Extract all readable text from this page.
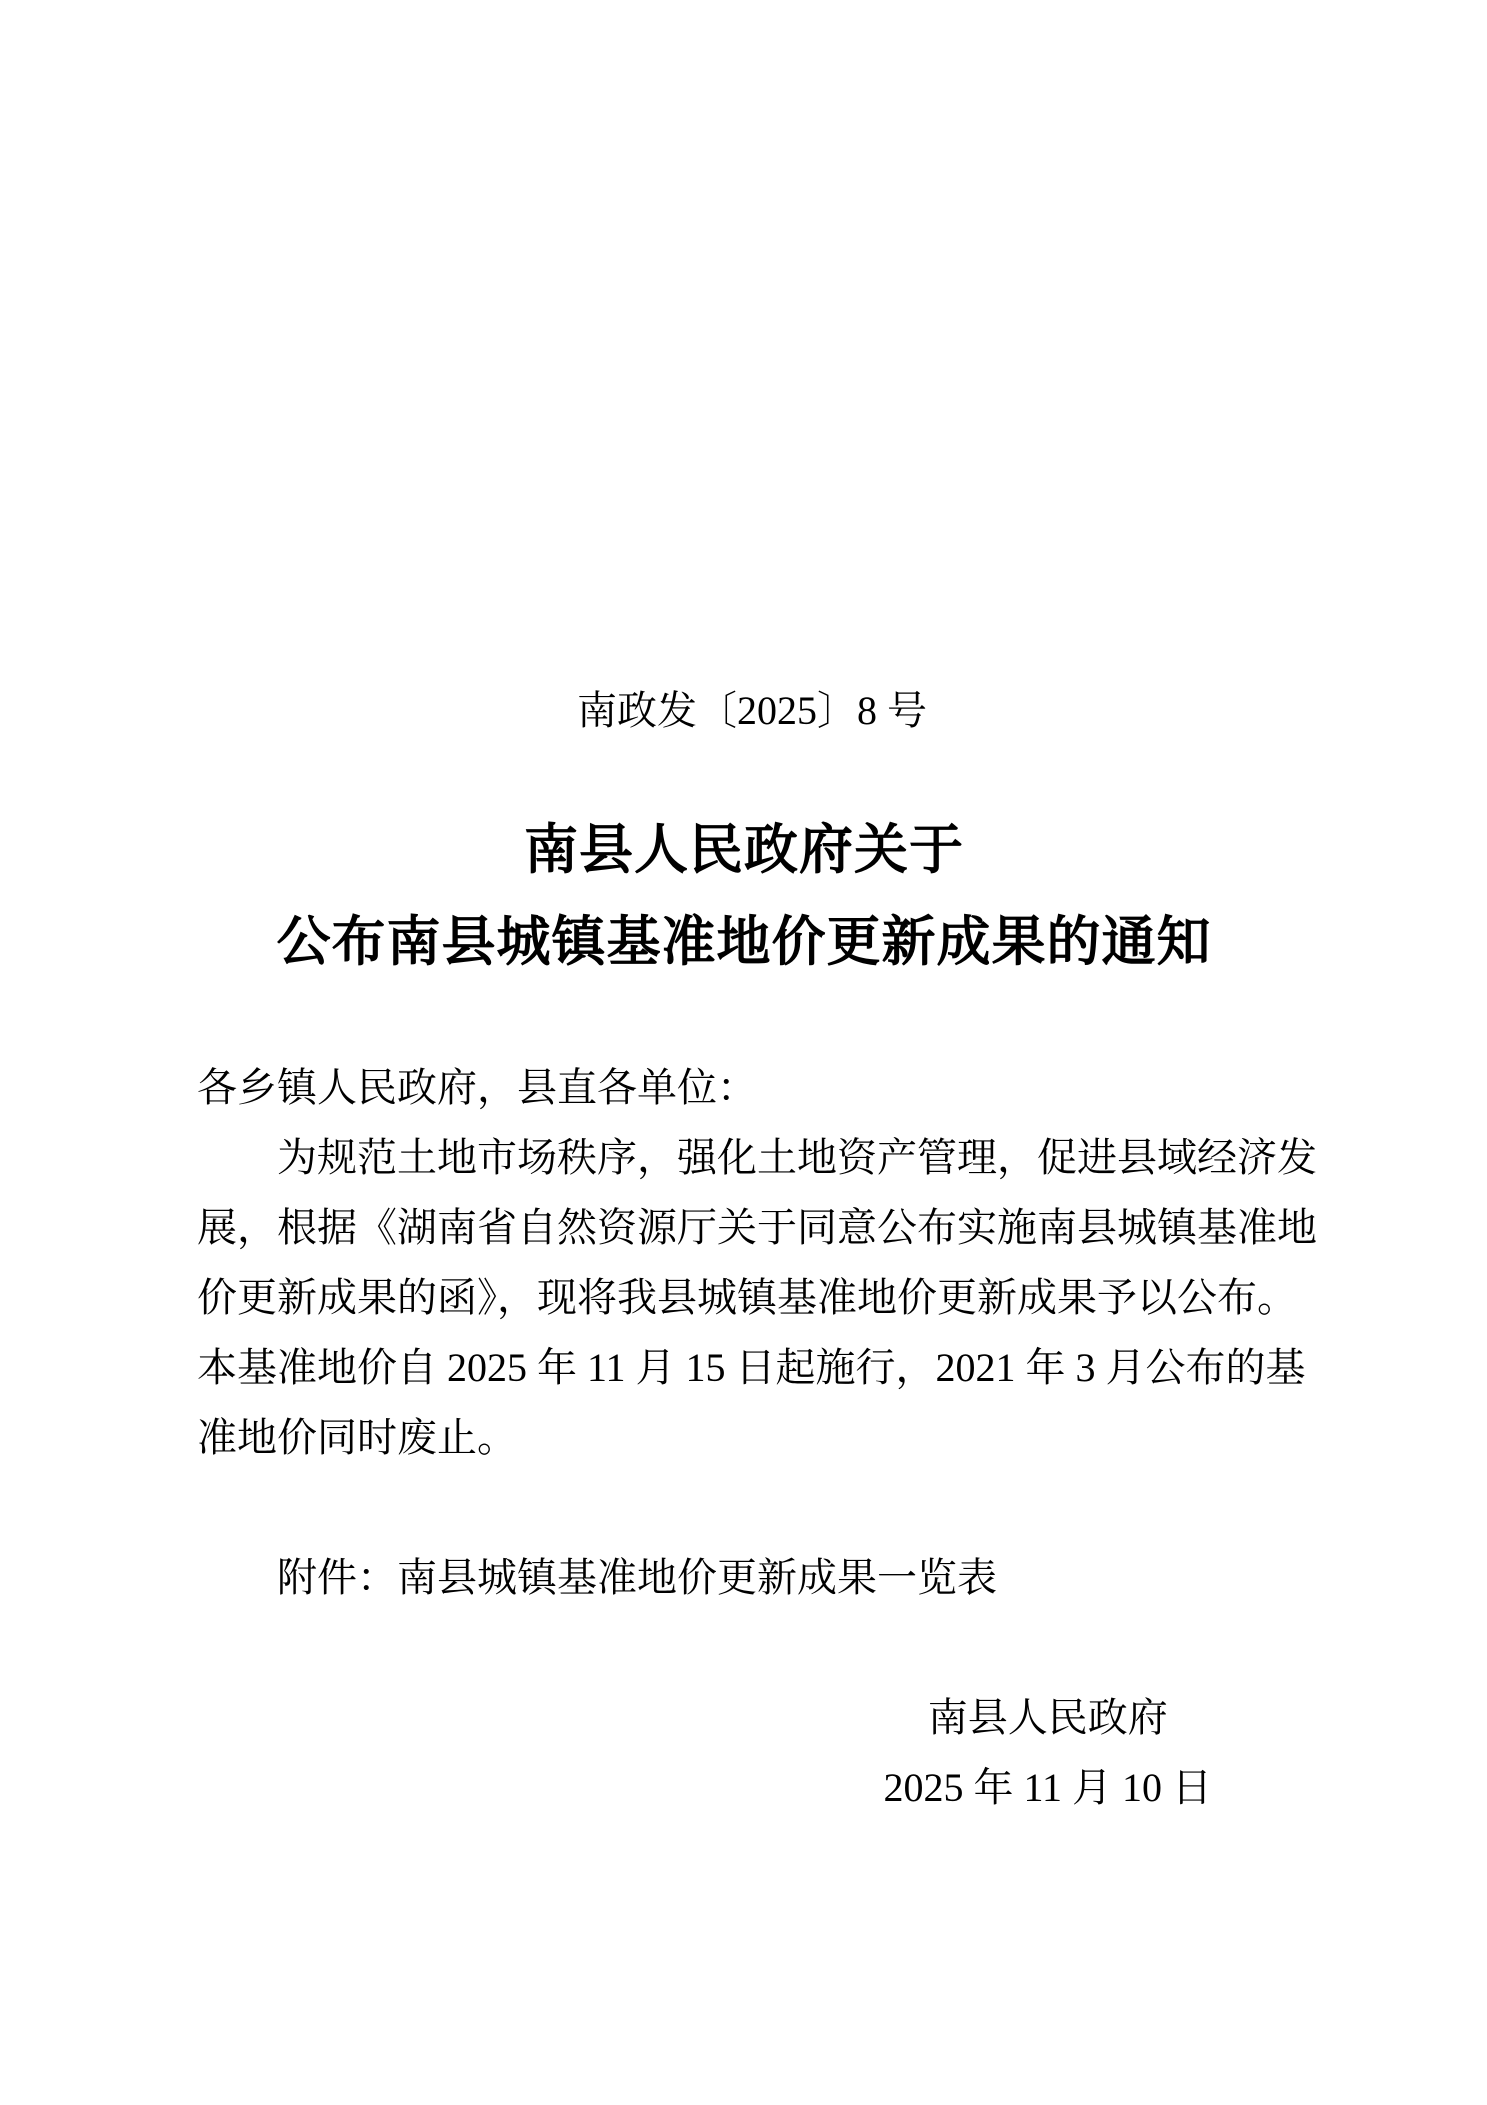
南政发〔2025〕8 号
南县人民政府关于
公布南县城镇基准地价更新成果的通知
各乡镇人民政府，县直各单位：
为规范土地市场秩序，强化土地资产管理，促进县域经济发
展，根据《湖南省自然资源厅关于同意公布实施南县城镇基准地
价更新成果的函》，现将我县城镇基准地价更新成果予以公布。
本基准地价自 2025 年 11 月 15 日起施行，2021 年 3 月公布的基
准地价同时废止。
附件：南县城镇基准地价更新成果一览表
南县人民政府
2025 年 11 月 10 日
